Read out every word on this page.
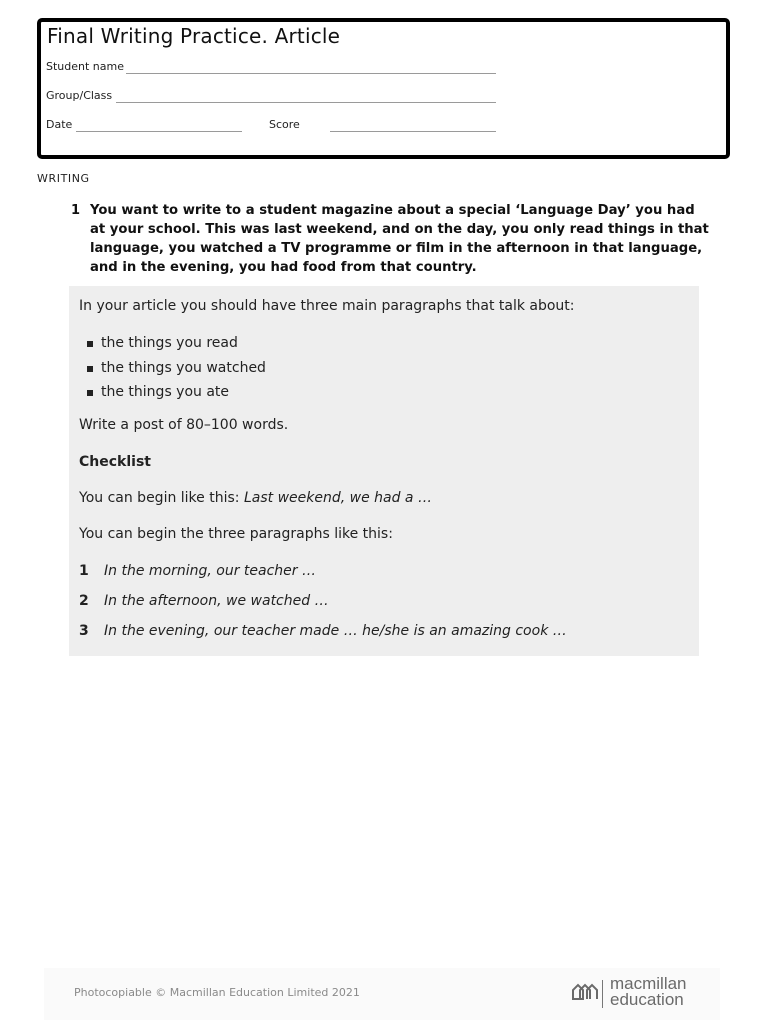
Final Writing Practice. Article
Student name
Group/Class
Date	Score
WRITING
1 You want to write to a student magazine about a special ‘Language Day’ you had at your school. This was last weekend, and on the day, you only read things in that language, you watched a TV programme or film in the afternoon in that language, and in the evening, you had food from that country.
In your article you should have three main paragraphs that talk about:
the things you read
the things you watched
the things you ate
Write a post of 80–100 words.
Checklist
You can begin like this: Last weekend, we had a …
You can begin the three paragraphs like this:
1 In the morning, our teacher …
2 In the afternoon, we watched …
3 In the evening, our teacher made … he/she is an amazing cook …
Photocopiable © Macmillan Education Limited 2021	macmillan
education
